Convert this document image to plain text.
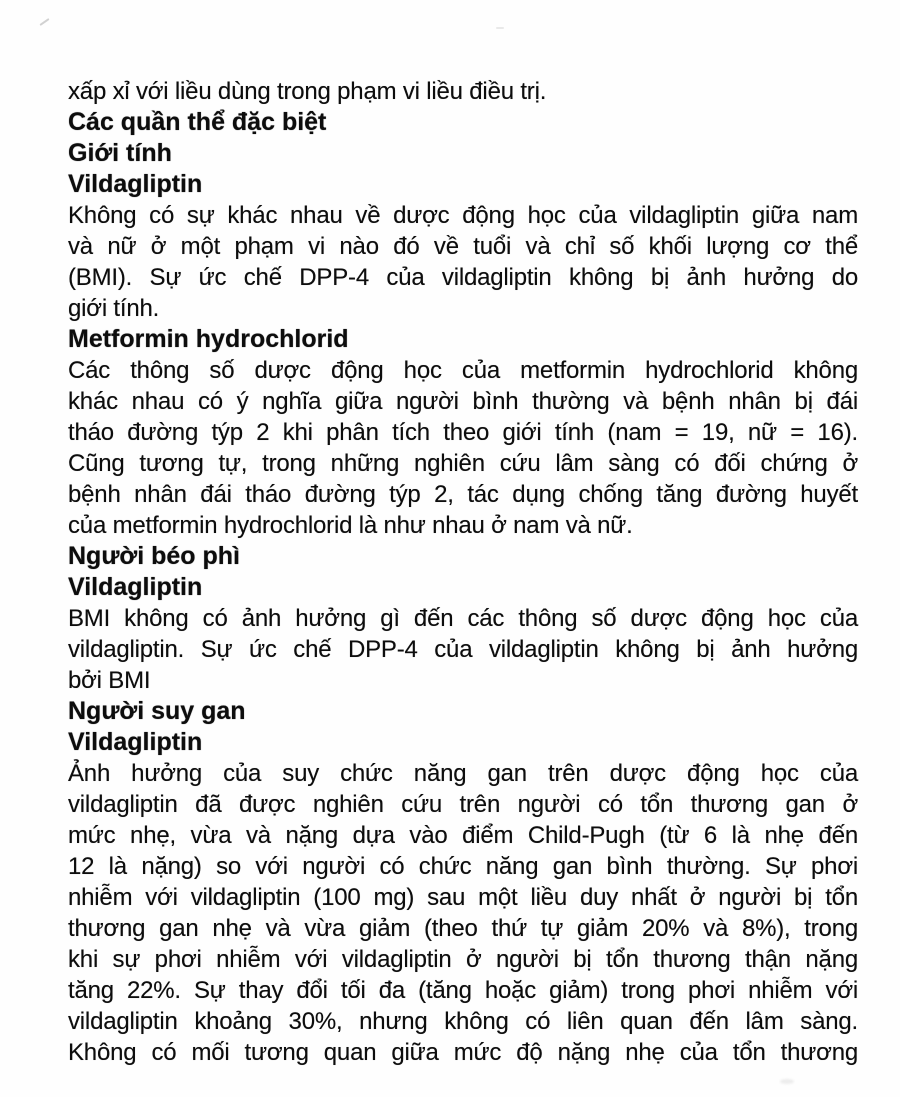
xấp xỉ với liều dùng trong phạm vi liều điều trị.
Các quần thể đặc biệt
Giới tính
Vildagliptin
Không có sự khác nhau về dược động học của vildagliptin giữa nam
và nữ ở một phạm vi nào đó về tuổi và chỉ số khối lượng cơ thể
(BMI). Sự ức chế DPP-4 của vildagliptin không bị ảnh hưởng do
giới tính.
Metformin hydrochlorid
Các thông số dược động học của metformin hydrochlorid không
khác nhau có ý nghĩa giữa người bình thường và bệnh nhân bị đái
tháo đường týp 2 khi phân tích theo giới tính (nam = 19, nữ = 16).
Cũng tương tự, trong những nghiên cứu lâm sàng có đối chứng ở
bệnh nhân đái tháo đường týp 2, tác dụng chống tăng đường huyết
của metformin hydrochlorid là như nhau ở nam và nữ.
Người béo phì
Vildagliptin
BMI không có ảnh hưởng gì đến các thông số dược động học của
vildagliptin. Sự ức chế DPP-4 của vildagliptin không bị ảnh hưởng
bởi BMI
Người suy gan
Vildagliptin
Ảnh hưởng của suy chức năng gan trên dược động học của
vildagliptin đã được nghiên cứu trên người có tổn thương gan ở
mức nhẹ, vừa và nặng dựa vào điểm Child-Pugh (từ 6 là nhẹ đến
12 là nặng) so với người có chức năng gan bình thường. Sự phơi
nhiễm với vildagliptin (100 mg) sau một liều duy nhất ở người bị tổn
thương gan nhẹ và vừa giảm (theo thứ tự giảm 20% và 8%), trong
khi sự phơi nhiễm với vildagliptin ở người bị tổn thương thận nặng
tăng 22%. Sự thay đổi tối đa (tăng hoặc giảm) trong phơi nhiễm với
vildagliptin khoảng 30%, nhưng không có liên quan đến lâm sàng.
Không có mối tương quan giữa mức độ nặng nhẹ của tổn thương
